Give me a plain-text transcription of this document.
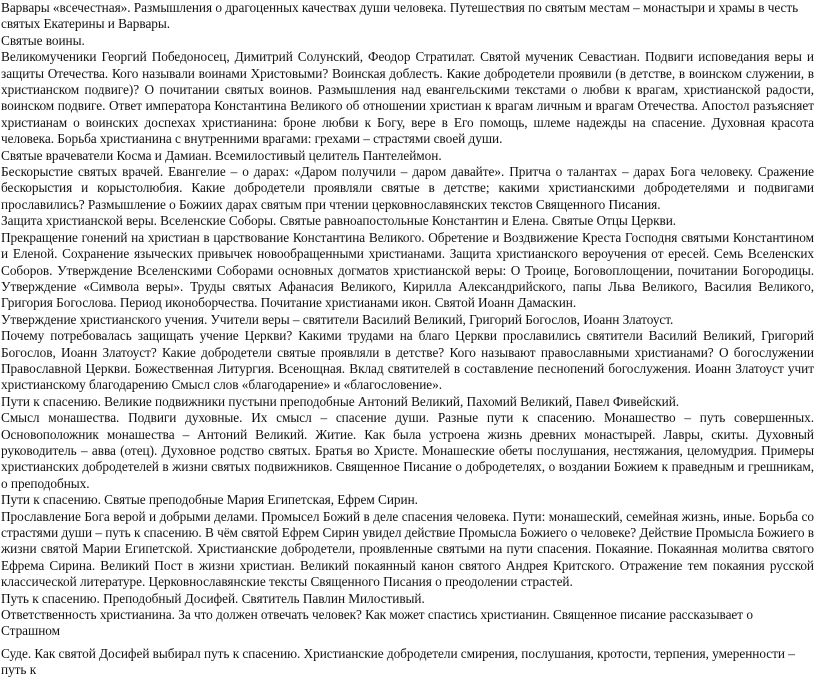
Варвары «всечестная». Размышления о драгоценных качествах души человека. Путешествия по святым местам – монастыри и храмы в честь святых Екатерины и Варвары.

Святые воины.

Великомученики Георгий Победоносец, Димитрий Солунский, Феодор Стратилат. Святой мученик Севастиан. Подвиги исповедания веры и защиты Отечества. Кого называли воинами Христовыми? Воинская доблесть. Какие добродетели проявили (в детстве, в воинском служении, в христианском подвиге)? О почитании святых воинов. Размышления над евангельскими текстами о любви к врагам, христианской радости, воинском подвиге. Ответ императора Константина Великого об отношении христиан к врагам личным и врагам Отечества. Апостол разъясняет христианам о воинских доспехах христианина: броне любви к Богу, вере в Его помощь, шлеме надежды на спасение. Духовная красота человека. Борьба христианина с внутренними врагами: грехами – страстями своей души.

Святые врачеватели Косма и Дамиан. Всемилостивый целитель Пантелеймон.

Бескорыстие святых врачей. Евангелие – о дарах: «Даром получили – даром давайте». Притча о талантах – дарах Бога человеку. Сражение бескорыстия и корыстолюбия. Какие добродетели проявляли святые в детстве; какими христианскими добродетелями и подвигами прославились? Размышление о Божиих дарах святым при чтении церковнославянских текстов Священного Писания.

Защита христианской веры. Вселенские Соборы. Святые равноапостольные Константин и Елена. Святые Отцы Церкви.

Прекращение гонений на христиан в царствование Константина Великого. Обретение и Воздвижение Креста Господня святыми Константином и Еленой. Сохранение языческих привычек новообращенными христианами. Защита христианского вероучения от ересей. Семь Вселенских Соборов. Утверждение Вселенскими Соборами основных догматов христианской веры: О Троице, Боговоплощении, почитании Богородицы. Утверждение «Символа веры». Труды святых Афанасия Великого, Кирилла Александрийского, папы Льва Великого, Василия Великого, Григория Богослова. Период иконоборчества. Почитание христианами икон. Святой Иоанн Дамаскин.

Утверждение христианского учения. Учители веры – святители Василий Великий, Григорий Богослов, Иоанн Златоуст.

Почему потребовалась защищать учение Церкви? Какими трудами на благо Церкви прославились святители Василий Великий, Григорий Богослов, Иоанн Златоуст? Какие добродетели святые проявляли в детстве? Кого называют православными христианами? О богослужении Православной Церкви. Божественная Литургия. Всенощная. Вклад святителей в составление песнопений богослужения. Иоанн Златоуст учит христианскому благодарению Смысл слов «благодарение» и «благословение».

Пути к спасению. Великие подвижники пустыни преподобные Антоний Великий, Пахомий Великий, Павел Фивейский.

Смысл монашества. Подвиги духовные. Их смысл – спасение души. Разные пути к спасению. Монашество – путь совершенных. Основоположник монашества – Антоний Великий. Житие. Как была устроена жизнь древних монастырей. Лавры, скиты. Духовный руководитель – авва (отец). Духовное родство святых. Братья во Христе. Монашеские обеты послушания, нестяжания, целомудрия. Примеры христианских добродетелей в жизни святых подвижников. Священное Писание о добродетелях, о воздании Божием к праведным и грешникам, о преподобных.

Пути к спасению. Святые преподобные Мария Египетская, Ефрем Сирин.

Прославление Бога верой и добрыми делами. Промысел Божий в деле спасения человека. Пути: монашеский, семейная жизнь, иные. Борьба со страстями души – путь к спасению. В чём святой Ефрем Сирин увидел действие Промысла Божиего о человеке? Действие Промысла Божиего в жизни святой Марии Египетской. Христианские добродетели, проявленные святыми на пути спасения. Покаяние. Покаянная молитва святого Ефрема Сирина. Великий Пост в жизни христиан. Великий покаянный канон святого Андрея Критского. Отражение тем покаяния русской классической литературе. Церковнославянские тексты Священного Писания о преодолении страстей.

Путь к спасению. Преподобный Досифей. Святитель Павлин Милостивый.

Ответственность христианина. За что должен отвечать человек? Как может спастись христианин. Священное писание рассказывает о Страшном

Суде. Как святой Досифей выбирал путь к спасению. Христианские добродетели смирения, послушания, кротости, терпения, умеренности – путь к
